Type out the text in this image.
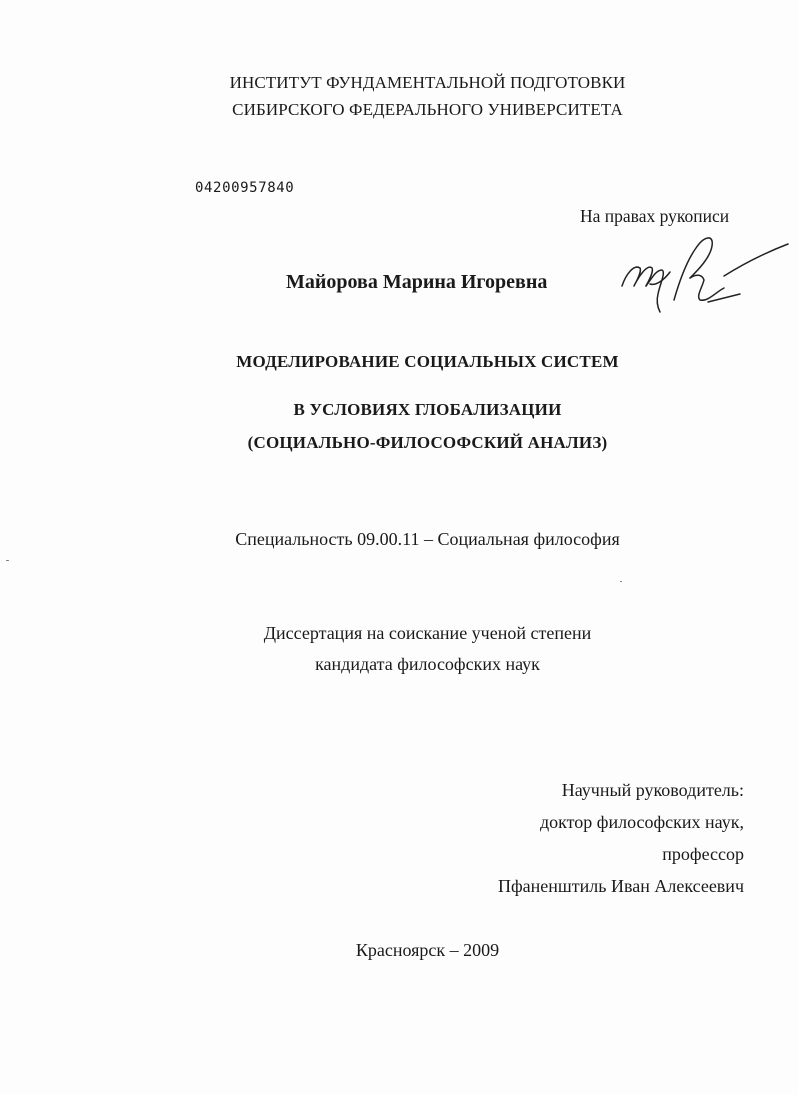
ИНСТИТУТ ФУНДАМЕНТАЛЬНОЙ ПОДГОТОВКИ
СИБИРСКОГО ФЕДЕРАЛЬНОГО УНИВЕРСИТЕТА
04200957840
На правах рукописи
Майорова Марина Игоревна
МОДЕЛИРОВАНИЕ СОЦИАЛЬНЫХ СИСТЕМ
В УСЛОВИЯХ ГЛОБАЛИЗАЦИИ
(СОЦИАЛЬНО-ФИЛОСОФСКИЙ АНАЛИЗ)
Специальность 09.00.11 – Социальная философия
Диссертация на соискание ученой степени
кандидата философских наук
Научный руководитель:
доктор философских наук,
профессор
Пфаненштиль Иван Алексеевич
Красноярск – 2009
